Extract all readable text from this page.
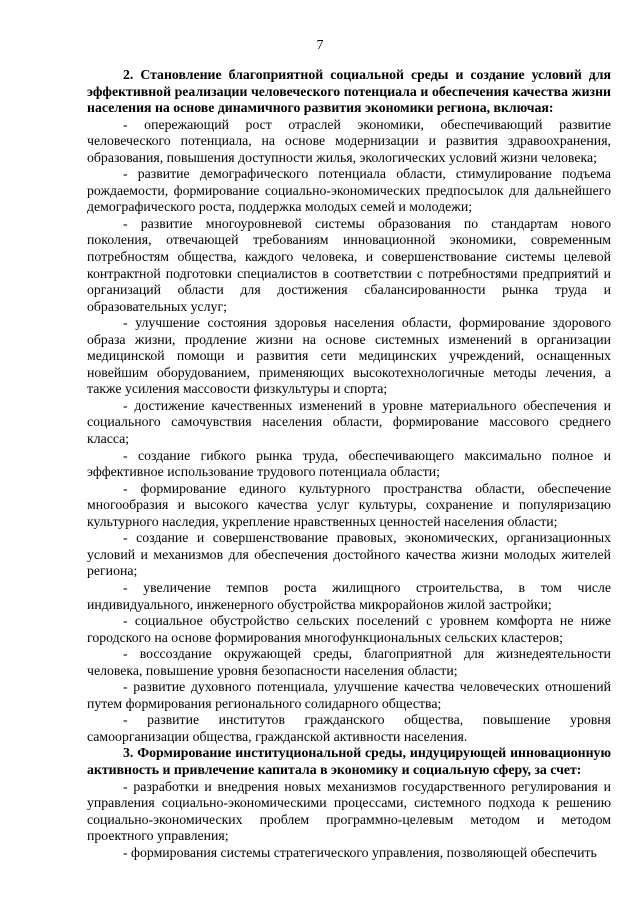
7

2. Становление благоприятной социальной среды и создание условий для эффективной реализации человеческого потенциала и обеспечения качества жизни населения на основе динамичного развития экономики региона, включая:

- опережающий рост отраслей экономики, обеспечивающий развитие человеческого потенциала, на основе модернизации и развития здравоохранения, образования, повышения доступности жилья, экологических условий жизни человека;

- развитие демографического потенциала области, стимулирование подъема рождаемости, формирование социально-экономических предпосылок для дальнейшего демографического роста, поддержка молодых семей и молодежи;

- развитие многоуровневой системы образования по стандартам нового поколения, отвечающей требованиям инновационной экономики, современным потребностям общества, каждого человека, и совершенствование системы целевой контрактной подготовки специалистов в соответствии с потребностями предприятий и организаций области для достижения сбалансированности рынка труда и образовательных услуг;

- улучшение состояния здоровья населения области, формирование здорового образа жизни, продление жизни на основе системных изменений в организации медицинской помощи и развития сети медицинских учреждений, оснащенных новейшим оборудованием, применяющих высокотехнологичные методы лечения, а также усиления массовости физкультуры и спорта;

- достижение качественных изменений в уровне материального обеспечения и социального самочувствия населения области, формирование массового среднего класса;

- создание гибкого рынка труда, обеспечивающего максимально полное и эффективное использование трудового потенциала области;

- формирование единого культурного пространства области, обеспечение многообразия и высокого качества услуг культуры, сохранение и популяризацию культурного наследия, укрепление нравственных ценностей населения области;

- создание и совершенствование правовых, экономических, организационных условий и механизмов для обеспечения достойного качества жизни молодых жителей региона;

- увеличение темпов роста жилищного строительства, в том числе индивидуального, инженерного обустройства микрорайонов жилой застройки;

- социальное обустройство сельских поселений с уровнем комфорта не ниже городского на основе формирования многофункциональных сельских кластеров;

- воссоздание окружающей среды, благоприятной для жизнедеятельности человека, повышение уровня безопасности населения области;

- развитие духовного потенциала, улучшение качества человеческих отношений путем формирования регионального солидарного общества;

- развитие институтов гражданского общества, повышение уровня самоорганизации общества, гражданской активности населения.

3. Формирование институциональной среды, индуцирующей инновационную активность и привлечение капитала в экономику и социальную сферу, за счет:

- разработки и внедрения новых механизмов государственного регулирования и управления социально-экономическими процессами, системного подхода к решению социально-экономических проблем программно-целевым методом и методом проектного управления;

- формирования системы стратегического управления, позволяющей обеспечить
